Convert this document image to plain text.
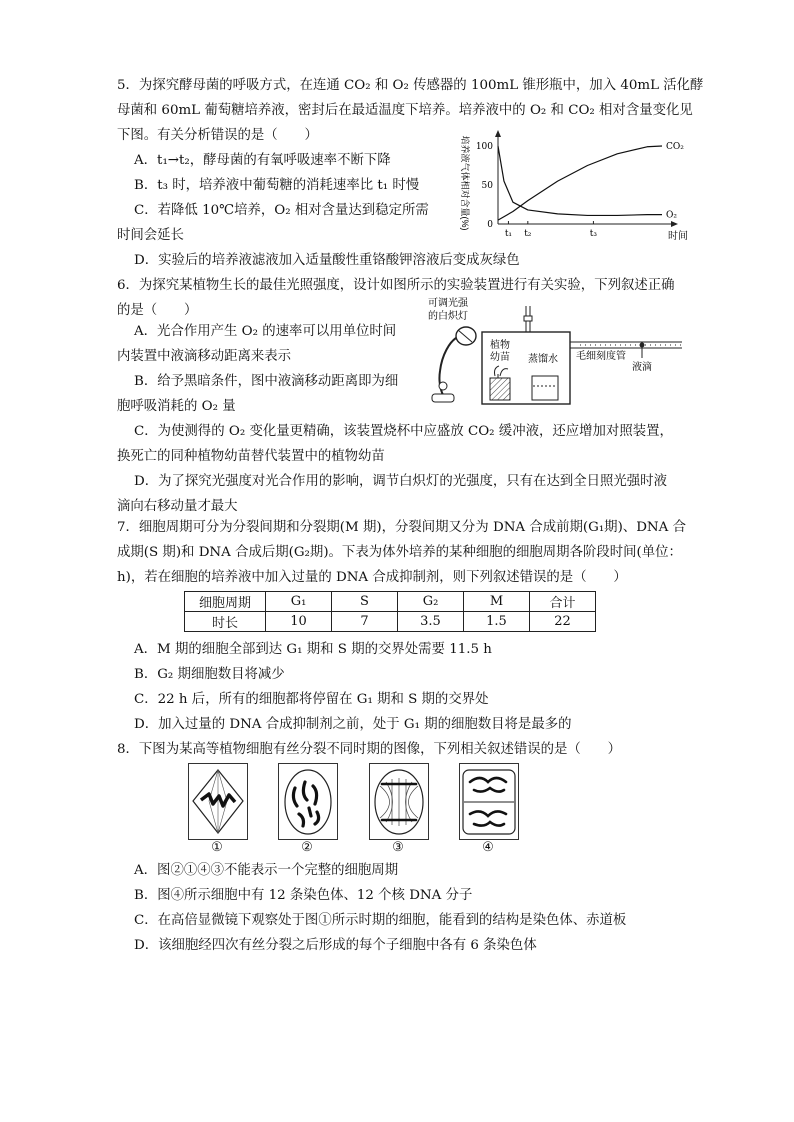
5．为探究酵母菌的呼吸方式，在连通 CO₂ 和 O₂ 传感器的 100mL 锥形瓶中，加入 40mL 活化酵
母菌和 60mL 葡萄糖培养液，密封后在最适温度下培养。培养液中的 O₂ 和 CO₂ 相对含量变化见
下图。有关分析错误的是（　　）
A．t₁→t₂，酵母菌的有氧呼吸速率不断下降
B．t₃ 时，培养液中葡萄糖的消耗速率比 t₁ 时慢
C．若降低 10℃培养，O₂ 相对含量达到稳定所需
时间会延长
D．实验后的培养液滤液加入适量酸性重铬酸钾溶液后变成灰绿色
培养液气体相对含量(%) 0
50
100
t₁ t₂	t₃
CO₂
O₂
时间
6．为探究某植物生长的最佳光照强度，设计如图所示的实验装置进行有关实验，下列叙述正确
的是（　　）
A．光合作用产生 O₂ 的速率可以用单位时间
内装置中液滴移动距离来表示
B．给予黑暗条件，图中液滴移动距离即为细
胞呼吸消耗的 O₂ 量
C．为使测得的 O₂ 变化量更精确，该装置烧杯中应盛放 CO₂ 缓冲液，还应增加对照装置，
换死亡的同种植物幼苗替代装置中的植物幼苗
D．为了探究光强度对光合作用的影响，调节白炽灯的光强度，只有在达到全日照光强时液
滴向右移动量才最大
可调光强
的白炽灯
植物
幼苗 蒸馏水 毛细刻度管
液滴
7．细胞周期可分为分裂间期和分裂期(M 期)，分裂间期又分为 DNA 合成前期(G₁期)、DNA 合
成期(S 期)和 DNA 合成后期(G₂期)。下表为体外培养的某种细胞的细胞周期各阶段时间(单位：
h)，若在细胞的培养液中加入过量的 DNA 合成抑制剂，则下列叙述错误的是（　　）
细胞周期	G₁	S	G₂	M	合计
时长	10	7	3.5	1.5	22
A．M 期的细胞全部到达 G₁ 期和 S 期的交界处需要 11.5 h
B．G₂ 期细胞数目将减少
C．22 h 后，所有的细胞都将停留在 G₁ 期和 S 期的交界处
D．加入过量的 DNA 合成抑制剂之前，处于 G₁ 期的细胞数目将是最多的
8．下图为某高等植物细胞有丝分裂不同时期的图像，下列相关叙述错误的是（　　）
①	②	③	④
A．图②①④③不能表示一个完整的细胞周期
B．图④所示细胞中有 12 条染色体、12 个核 DNA 分子
C．在高倍显微镜下观察处于图①所示时期的细胞，能看到的结构是染色体、赤道板
D．该细胞经四次有丝分裂之后形成的每个子细胞中各有 6 条染色体
